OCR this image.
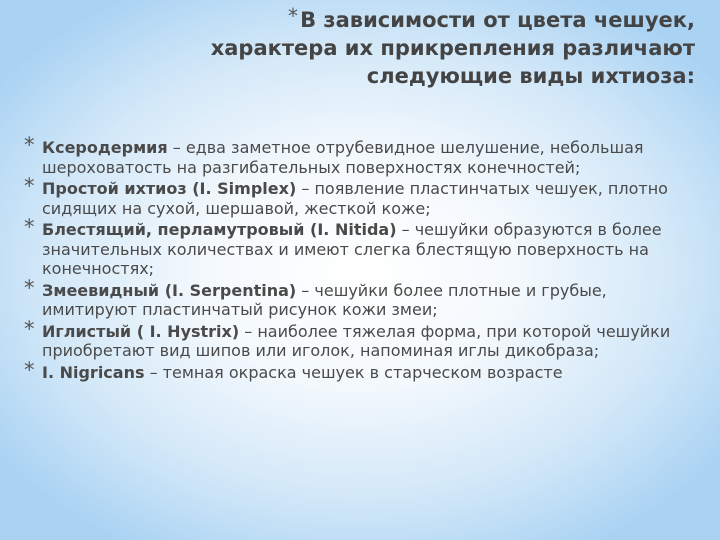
* В зависимости от цвета чешуек,
характера их прикрепления различают
следующие виды ихтиоза:
* Ксеродермия – едва заметное отрубевидное шелушение, небольшая шероховатость на разгибательных поверхностях конечностей;
* Простой ихтиоз (I. Simplex) – появление пластинчатых чешуек, плотно сидящих на сухой, шершавой, жесткой коже;
* Блестящий, перламутровый (I. Nitida) – чешуйки образуются в более значительных количествах и имеют слегка блестящую поверхность на конечностях;
* Змеевидный (I. Serpentina) – чешуйки более плотные и грубые, имитируют пластинчатый рисунок кожи змеи;
* Иглистый ( I. Hystrix) – наиболее тяжелая форма, при которой чешуйки приобретают вид шипов или иголок, напоминая иглы дикобраза;
* I. Nigricans – темная окраска чешуек в старческом возрасте
